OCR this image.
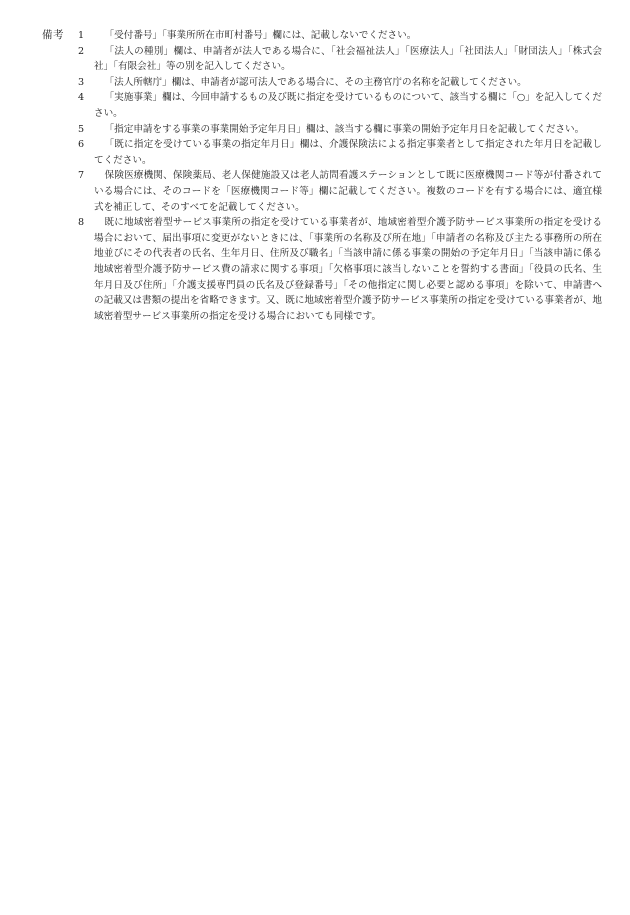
備考 1	「受付番号」「事業所所在市町村番号」欄には、記載しないでください。
2	「法人の種別」欄は、申請者が法人である場合に、「社会福祉法人」「医療法人」「社団法人」「財団法人」「株式会社」「有限会社」等の別を記入してください。
3	「法人所轄庁」欄は、申請者が認可法人である場合に、その主務官庁の名称を記載してください。
4	「実施事業」欄は、今回申請するもの及び既に指定を受けているものについて、該当する欄に「○」を記入してください。
5	「指定申請をする事業の事業開始予定年月日」欄は、該当する欄に事業の開始予定年月日を記載してください。
6	「既に指定を受けている事業の指定年月日」欄は、介護保険法による指定事業者として指定された年月日を記載してください。
7	保険医療機関、保険薬局、老人保健施設又は老人訪問看護ステーションとして既に医療機関コード等が付番されている場合には、そのコードを「医療機関コード等」欄に記載してください。複数のコードを有する場合には、適宜様式を補正して、そのすべてを記載してください。
8	既に地域密着型サービス事業所の指定を受けている事業者が、地域密着型介護予防サービス事業所の指定を受ける場合において、届出事項に変更がないときには、「事業所の名称及び所在地」「申請者の名称及び主たる事務所の所在地並びにその代表者の氏名、生年月日、住所及び職名」「当該申請に係る事業の開始の予定年月日」「当該申請に係る地域密着型介護予防サービス費の請求に関する事項」「欠格事項に該当しないことを誓約する書面」「役員の氏名、生年月日及び住所」「介護支援専門員の氏名及び登録番号」「その他指定に関し必要と認める事項」を除いて、申請書への記載又は書類の提出を省略できます。又、既に地域密着型介護予防サービス事業所の指定を受けている事業者が、地域密着型サービス事業所の指定を受ける場合においても同様です。
